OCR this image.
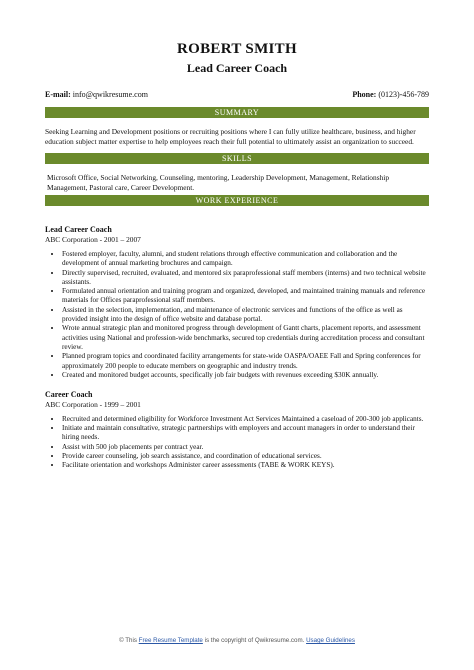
ROBERT SMITH
Lead Career Coach
E-mail: info@qwikresume.com	Phone: (0123)-456-789
SUMMARY
Seeking Learning and Development positions or recruiting positions where I can fully utilize healthcare, business, and higher education subject matter expertise to help employees reach their full potential to ultimately assist an organization to succeed.
SKILLS
Microsoft Office, Social Networking, Counseling, mentoring, Leadership Development, Management, Relationship Management, Pastoral care, Career Development.
WORK EXPERIENCE
Lead Career Coach
ABC Corporation - 2001 – 2007
• Fostered employer, faculty, alumni, and student relations through effective communication and collaboration and the development of annual marketing brochures and campaign.
• Directly supervised, recruited, evaluated, and mentored six paraprofessional staff members (interns) and two technical website assistants.
• Formulated annual orientation and training program and organized, developed, and maintained training manuals and reference materials for Offices paraprofessional staff members.
• Assisted in the selection, implementation, and maintenance of electronic services and functions of the office as well as provided insight into the design of office website and database portal.
• Wrote annual strategic plan and monitored progress through development of Gantt charts, placement reports, and assessment activities using National and profession-wide benchmarks, secured top credentials during accreditation process and consultant review.
• Planned program topics and coordinated facility arrangements for state-wide OASPA/OAEE Fall and Spring conferences for approximately 200 people to educate members on geographic and industry trends.
• Created and monitored budget accounts, specifically job fair budgets with revenues exceeding $30K annually.
Career Coach
ABC Corporation - 1999 – 2001
• Recruited and determined eligibility for Workforce Investment Act Services Maintained a caseload of 200-300 job applicants.
• Initiate and maintain consultative, strategic partnerships with employers and account managers in order to understand their hiring needs.
• Assist with 500 job placements per contract year.
• Provide career counseling, job search assistance, and coordination of educational services.
• Facilitate orientation and workshops Administer career assessments (TABE & WORK KEYS).
© This Free Resume Template is the copyright of Qwikresume.com. Usage Guidelines
